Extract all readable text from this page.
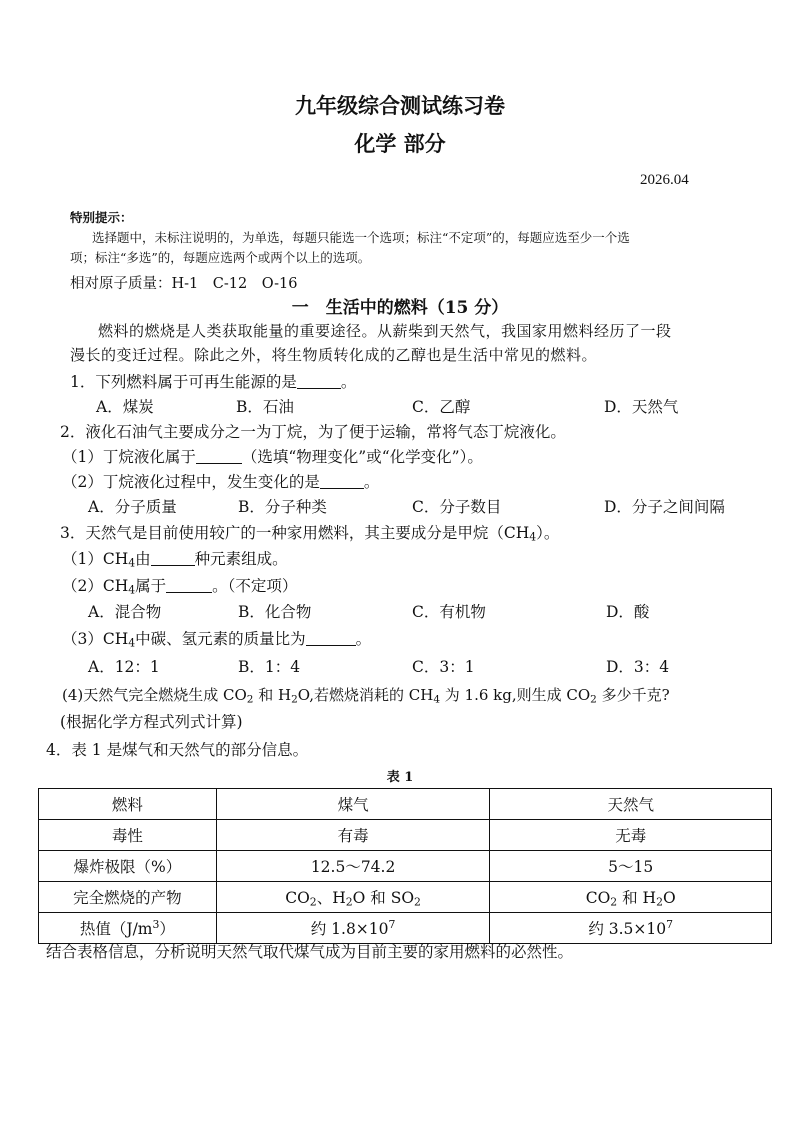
九年级综合测试练习卷
化学 部分
2026.04
特别提示：
选择题中，未标注说明的，为单选，每题只能选一个选项；标注“不定项”的，每题应选至少一个选
项；标注“多选”的，每题应选两个或两个以上的选项。
相对原子质量：H-1　C-12　O-16
一　生活中的燃料（15 分）
燃料的燃烧是人类获取能量的重要途径。从薪柴到天然气，我国家用燃料经历了一段
漫长的变迁过程。除此之外，将生物质转化成的乙醇也是生活中常见的燃料。
1．下列燃料属于可再生能源的是	。
A．煤炭	B．石油	C．乙醇	D．天然气
2．液化石油气主要成分之一为丁烷，为了便于运输，常将气态丁烷液化。
（1）丁烷液化属于	（选填“物理变化”或“化学变化”）。
（2）丁烷液化过程中，发生变化的是	。
A．分子质量	B．分子种类	C．分子数目	D．分子之间间隔
3．天然气是目前使用较广的一种家用燃料，其主要成分是甲烷$(CH_4)$。
$(1)CH_4$由	种元素组成。
$(2)CH_4$属于	。（不定项）
A．混合物	B．化合物	C．有机物	D．酸
$(3)CH_4$中碳、氢元素的质量比为	。
A．12：1	B．1：4	C．3：1	D．3：4
(4)天然气完全燃烧生成 $CO_2$ 和 $H_2O$,若燃烧消耗的 $CH_4$ 为 1.6 kg,则生成 $CO_2$ 多少千克?
(根据化学方程式列式计算)
4．表 1 是煤气和天然气的部分信息。
表 1
燃料	煤气	天然气
毒性	有毒	无毒
爆炸极限（%）	12.5～74.2	5～15
完全燃烧的产物	$CO_2$、$H_2O$ 和 $SO_2$	$CO_2$ 和 $H_2O$
热值$(J/m^3)$	约 $1.8\times 10^7$	约 $3.5\times 10^7$
结合表格信息，分析说明天然气取代煤气成为目前主要的家用燃料的必然性。
